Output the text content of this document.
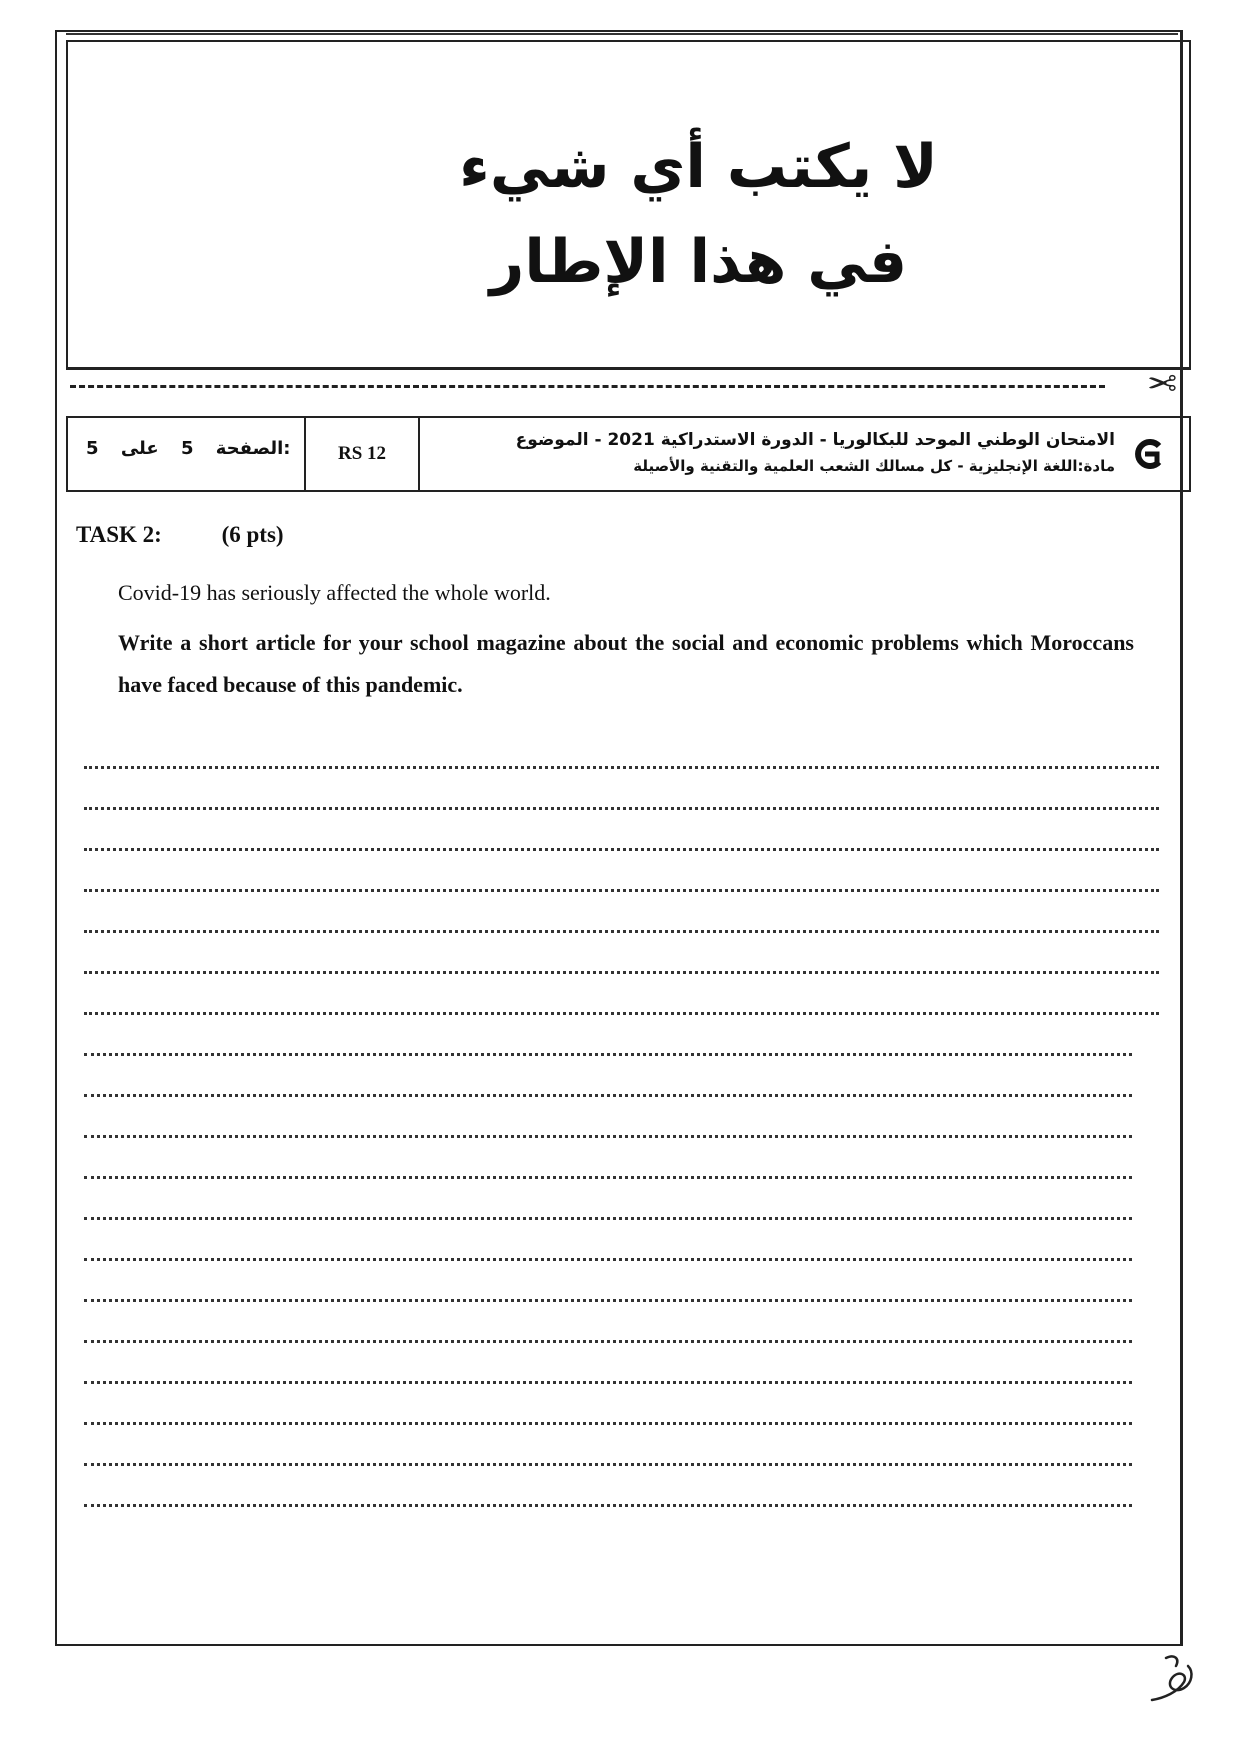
لا يكتب أي شيء
في هذا الإطار
✂
5 على 5 الصفحة:	RS 12
الامتحان الوطني الموحد للبكالوريا - الدورة الاستدراكية 2021 - الموضوع
مادة:اللغة الإنجليزية - كل مسالك الشعب العلمية والتقنية والأصيلة
TASK 2:	(6 pts)
Covid-19 has seriously affected the whole world.
Write a short article for your school magazine about the social and economic problems which Moroccans have faced because of this pandemic.
